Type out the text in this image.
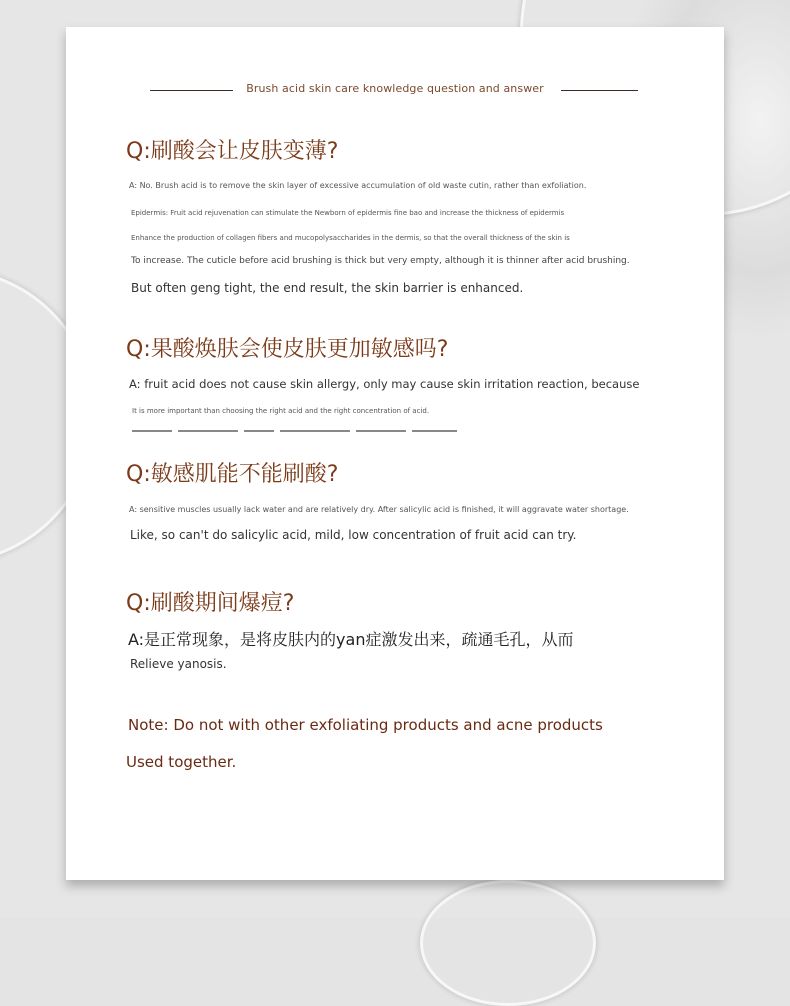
Brush acid skin care knowledge question and answer
Q:刷酸会让皮肤变薄?
A: No. Brush acid is to remove the skin layer of excessive accumulation of old waste cutin, rather than exfoliation.
Epidermis: Fruit acid rejuvenation can stimulate the Newborn of epidermis fine bao and increase the thickness of epidermis
Enhance the production of collagen fibers and mucopolysaccharides in the dermis, so that the overall thickness of the skin is
To increase. The cuticle before acid brushing is thick but very empty, although it is thinner after acid brushing.
But often geng tight, the end result, the skin barrier is enhanced.
Q:果酸焕肤会使皮肤更加敏感吗?
A: fruit acid does not cause skin allergy, only may cause skin irritation reaction, because
It is more important than choosing the right acid and the right concentration of acid.
Q:敏感肌能不能刷酸?
A: sensitive muscles usually lack water and are relatively dry. After salicylic acid is finished, it will aggravate water shortage.
Like, so can't do salicylic acid, mild, low concentration of fruit acid can try.
Q:刷酸期间爆痘?
A:是正常现象，是将皮肤内的yan症激发出来，疏通毛孔，从而
Relieve yanosis.
Note: Do not with other exfoliating products and acne products
Used together.
